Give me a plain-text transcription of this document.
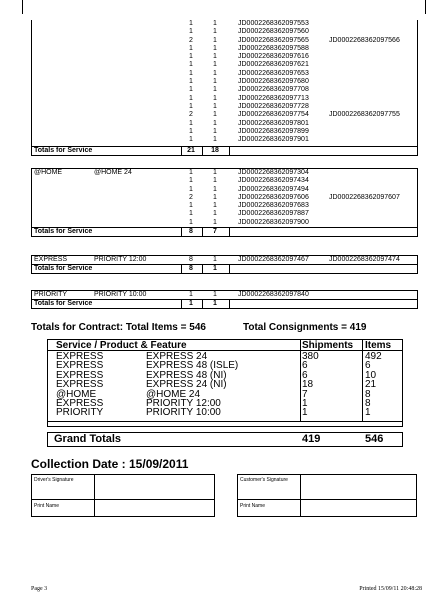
1	1	JD0002268362097553
1	1	JD0002268362097560
2	1	JD0002268362097565	JD0002268362097566
1	1	JD0002268362097588
1	1	JD0002268362097616
1	1	JD0002268362097621
1	1	JD0002268362097653
1	1	JD0002268362097680
1	1	JD0002268362097708
1	1	JD0002268362097713
1	1	JD0002268362097728
2	1	JD0002268362097754	JD0002268362097755
1	1	JD0002268362097801
1	1	JD0002268362097899
1	1	JD0002268362097901
Totals for Service	21 18
@HOME	@HOME 24	1	1	JD0002268362097304
1	1	JD0002268362097434
1	1	JD0002268362097494
2	1	JD0002268362097606	JD0002268362097607
1	1	JD0002268362097683
1	1	JD0002268362097887
1	1	JD0002268362097900
Totals for Service	8	7
EXPRESS	PRIORITY 12:00	8	1	JD0002268362097467	JD0002268362097474
Totals for Service	8	1
PRIORITY	PRIORITY 10:00	1	1	JD0002268362097840
Totals for Service	1	1
Totals for Contract: Total Items = 546	Total Consignments = 419
Service / Product & Feature	Shipments Items
EXPRESS	EXPRESS 24	380	492
EXPRESS	EXPRESS 48 (ISLE)	6	6
EXPRESS	EXPRESS 48 (NI)	6	10
EXPRESS	EXPRESS 24 (NI)	18	21
@HOME	@HOME 24	7	8
EXPRESS	PRIORITY 12:00	1	8
PRIORITY	PRIORITY 10:00	1	1
Grand Totals	419	546
Collection Date : 15/09/2011
Driver's Signature
Print Name
Customer's Signature
Print Name
Page 3	Printed 15/09/11 20:48:28
